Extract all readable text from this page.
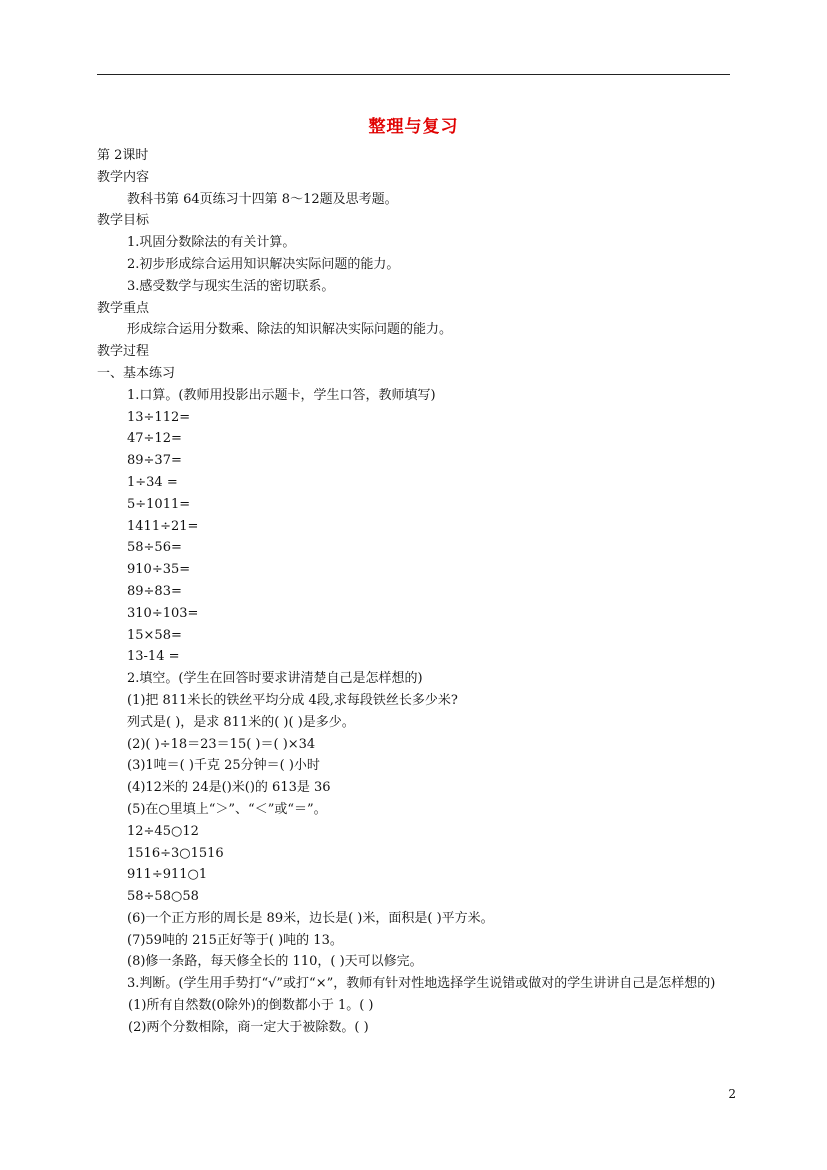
整理与复习
第 2课时
教学内容
教科书第 64页练习十四第 8～12题及思考题。
教学目标
1.巩固分数除法的有关计算。
2.初步形成综合运用知识解决实际问题的能力。
3.感受数学与现实生活的密切联系。
教学重点
形成综合运用分数乘、除法的知识解决实际问题的能力。
教学过程
一、基本练习
1.口算。(教师用投影出示题卡，学生口答，教师填写)
13÷112=
47÷12=
89÷37=
1÷34 =
5÷1011=
1411÷21=
58÷56=
910÷35=
89÷83=
310÷103=
15×58=
13-14 =
2.填空。(学生在回答时要求讲清楚自己是怎样想的)
(1)把 811米长的铁丝平均分成 4段,求每段铁丝长多少米?
列式是( )，是求 811米的( )( )是多少。
(2)( )÷18＝23＝15( )＝( )×34
(3)1吨＝( )千克 25分钟＝( )小时
(4)12米的 24是()米()的 613是 36
(5)在○里填上“＞”、“＜”或“＝”。
12÷45○12
1516÷3○1516
911÷911○1
58÷58○58
(6)一个正方形的周长是 89米，边长是( )米，面积是( )平方米。
(7)59吨的 215正好等于( )吨的 13。
(8)修一条路，每天修全长的 110，( )天可以修完。
3.判断。(学生用手势打“√”或打“×”，教师有针对性地选择学生说错或做对的学生讲讲自己是怎样想的)
(1)所有自然数(0除外)的倒数都小于 1。( )
(2)两个分数相除，商一定大于被除数。( )
2
